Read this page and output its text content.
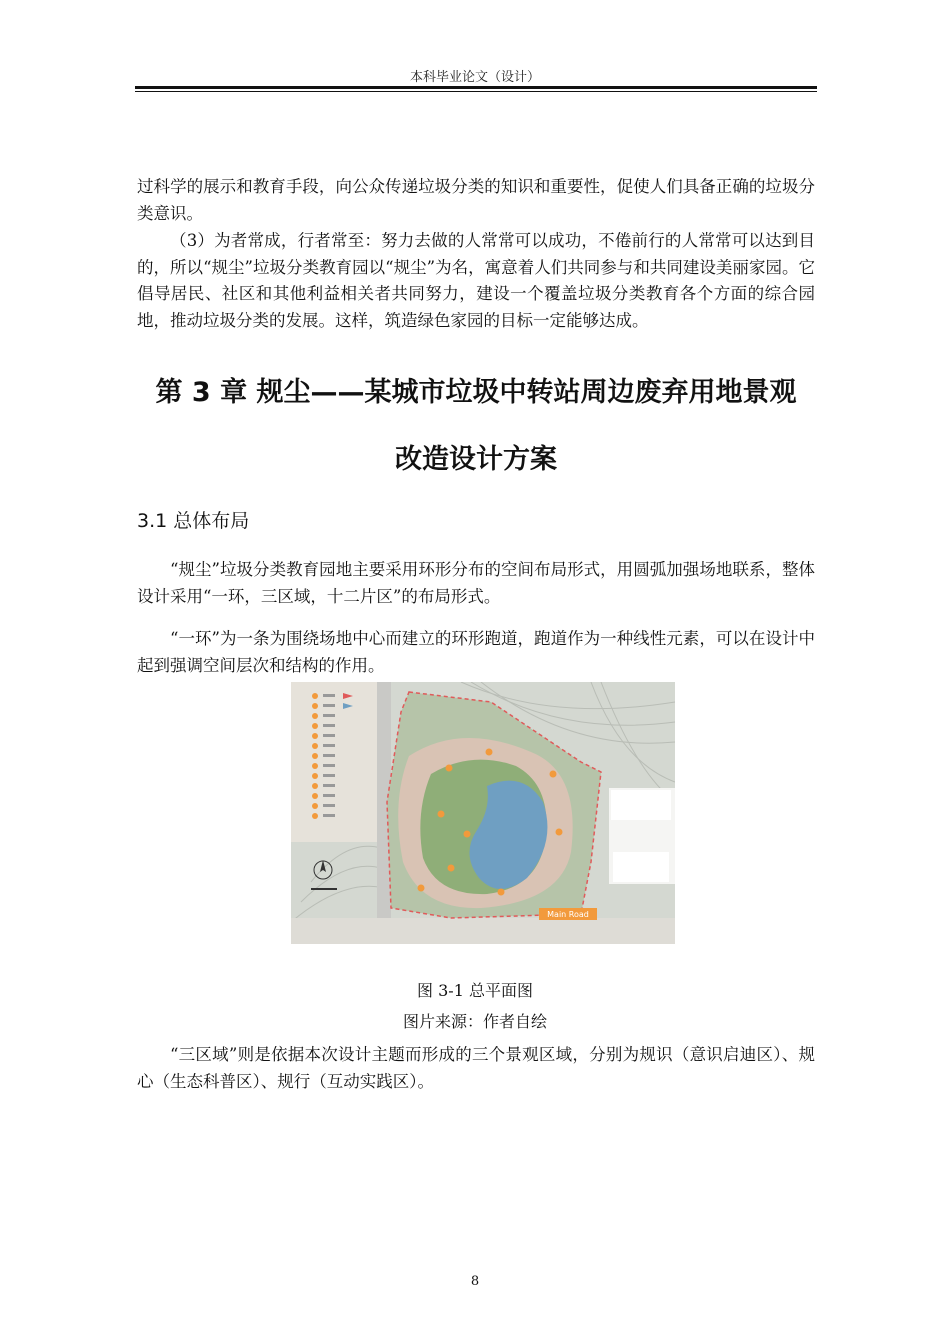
本科毕业论文（设计）
过科学的展示和教育手段，向公众传递垃圾分类的知识和重要性，促使人们具备正确的垃圾分类意识。
（3）为者常成，行者常至：努力去做的人常常可以成功，不倦前行的人常常可以达到目的，所以“规尘”垃圾分类教育园以“规尘”为名，寓意着人们共同参与和共同建设美丽家园。它倡导居民、社区和其他利益相关者共同努力，建设一个覆盖垃圾分类教育各个方面的综合园地，推动垃圾分类的发展。这样，筑造绿色家园的目标一定能够达成。
第 3 章 规尘——某城市垃圾中转站周边废弃用地景观
改造设计方案
3.1 总体布局
“规尘”垃圾分类教育园地主要采用环形分布的空间布局形式，用圆弧加强场地联系，整体设计采用“一环，三区域，十二片区”的布局形式。
“一环”为一条为围绕场地中心而建立的环形跑道，跑道作为一种线性元素，可以在设计中起到强调空间层次和结构的作用。
Main Road
图 3-1 总平面图
图片来源：作者自绘
“三区域”则是依据本次设计主题而形成的三个景观区域，分别为规识（意识启迪区）、规心（生态科普区）、规行（互动实践区）。
8
